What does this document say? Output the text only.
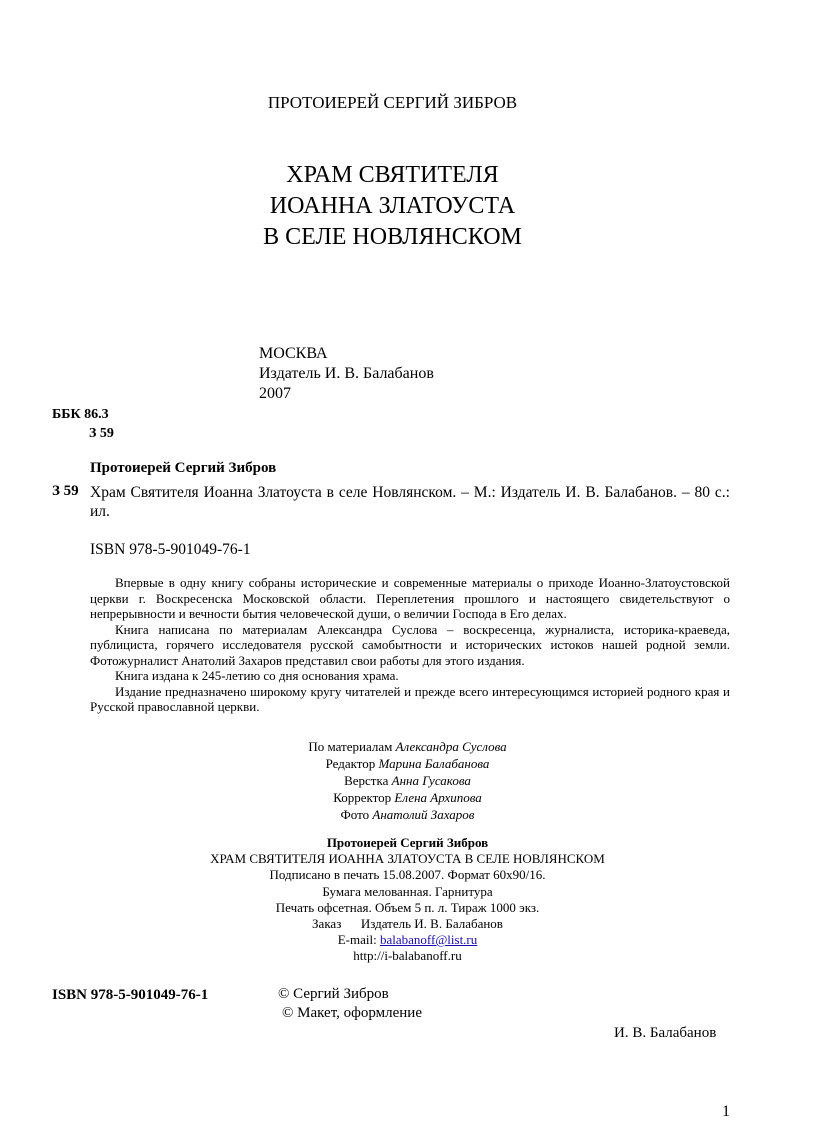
ПРОТОИЕРЕЙ СЕРГИЙ ЗИБРОВ
ХРАМ СВЯТИТЕЛЯ
ИОАННА ЗЛАТОУСТА
В СЕЛЕ НОВЛЯНСКОМ
МОСКВА
Издатель И. В. Балабанов
2007
ББК 86.3
З 59
Протоиерей Сергий Зибров
З 59 Храм Святителя Иоанна Златоуста в селе Новлянском. – М.: Издатель И. В. Балабанов. – 80 с.: ил.
ISBN 978-5-901049-76-1

Впервые в одну книгу собраны исторические и современные материалы о приходе Иоанно-Златоустовской церкви г. Воскресенска Московской области. Переплетения прошлого и настоящего свидетельствуют о непрерывности и вечности бытия человеческой души, о величии Господа в Его делах.

Книга написана по материалам Александра Суслова – воскресенца, журналиста, историка-краеведа, публициста, горячего исследователя русской самобытности и исторических истоков нашей родной земли. Фотожурналист Анатолий Захаров представил свои работы для этого издания.

Книга издана к 245-летию со дня основания храма.

Издание предназначено широкому кругу читателей и прежде всего интересующимся историей родного края и Русской православной церкви.

По материалам Александра Суслова
Редактор Марина Балабанова
Верстка Анна Гусакова
Корректор Елена Архипова
Фото Анатолий Захаров
Протоиерей Сергий Зибров
ХРАМ СВЯТИТЕЛЯ ИОАННА ЗЛАТОУСТА В СЕЛЕ НОВЛЯНСКОМ
Подписано в печать 15.08.2007. Формат 60х90/16.
Бумага мелованная. Гарнитура
Печать офсетная. Объем 5 п. л. Тираж 1000 экз.
Заказ Издатель И. В. Балабанов
E-mail: balabanoff@list.ru
http://i-balabanoff.ru
ISBN 978-5-901049-76-1	© Сергий Зибров
© Макет, оформление
И. В. Балабанов
1
